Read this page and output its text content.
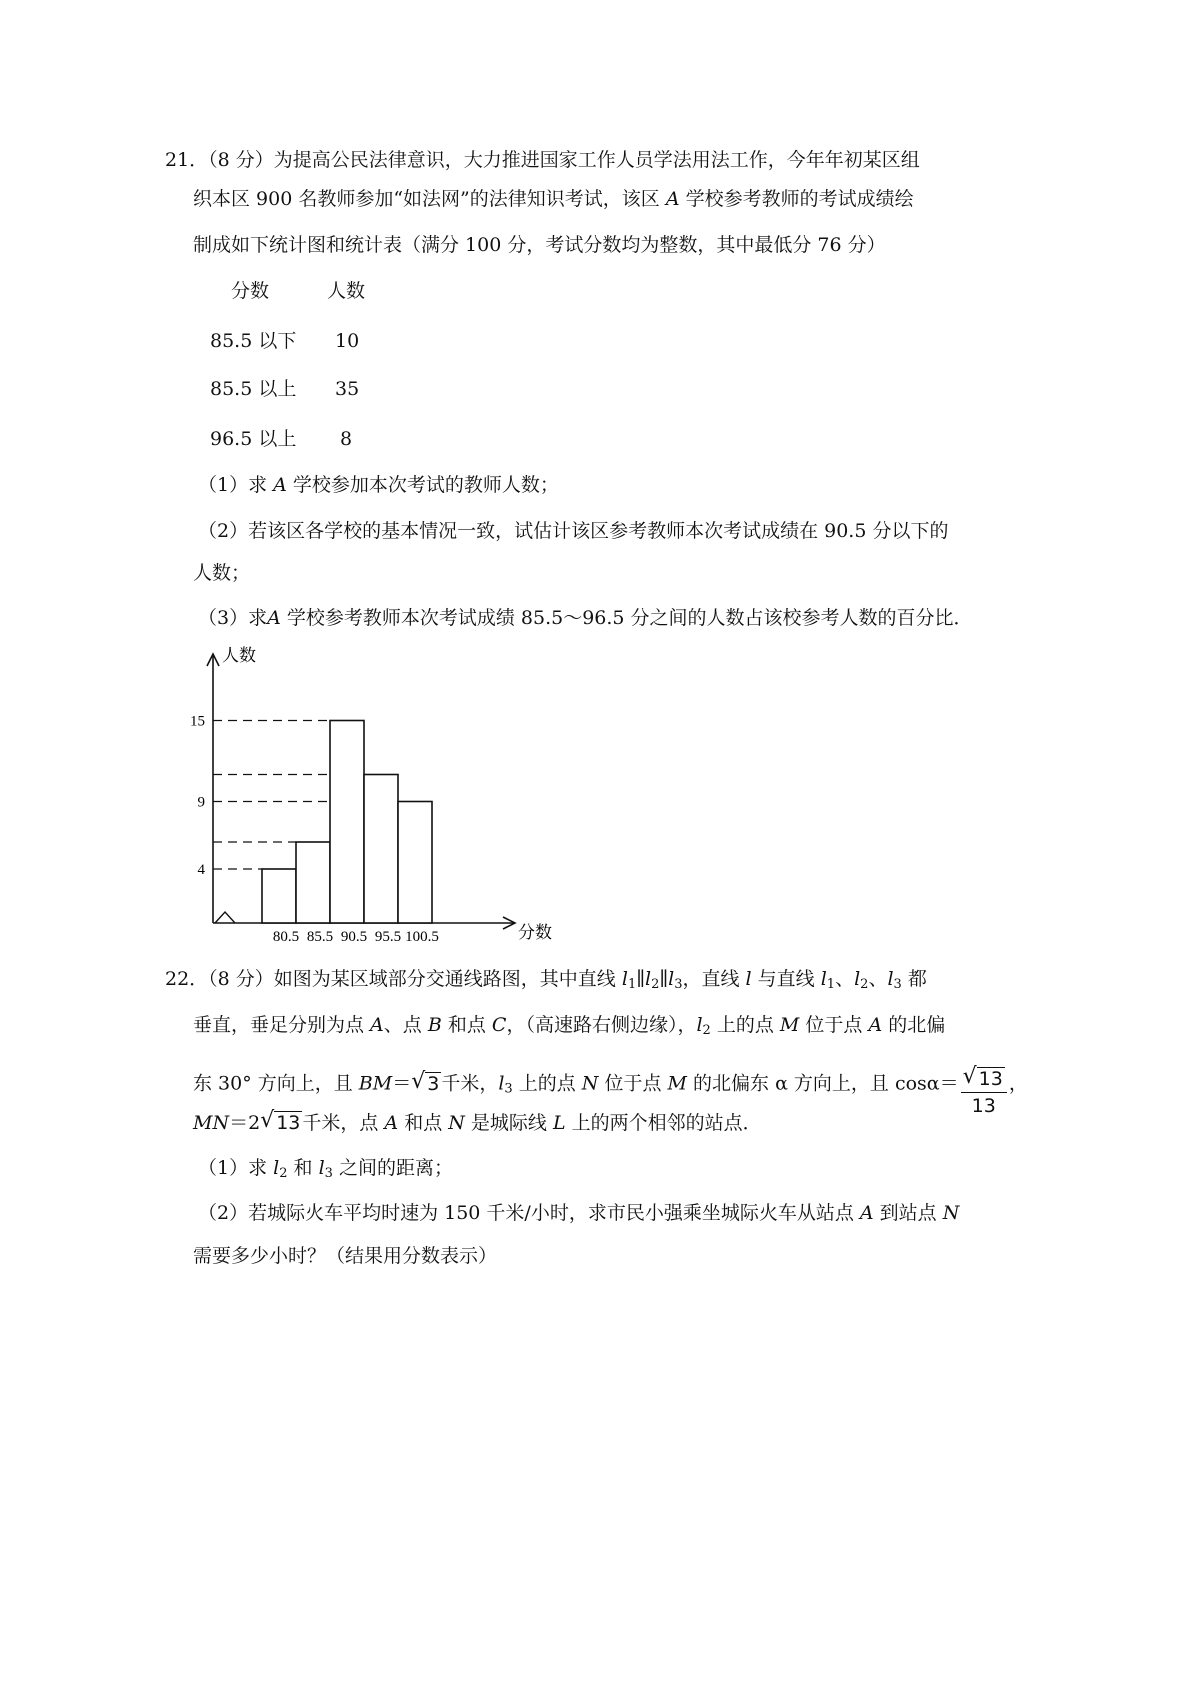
21．（8 分）为提高公民法律意识，大力推进国家工作人员学法用法工作，今年年初某区组
织本区 900 名教师参加“如法网”的法律知识考试，该区 A 学校参考教师的考试成绩绘
制成如下统计图和统计表（满分 100 分，考试分数均为整数，其中最低分 76 分）
分数	人数
85.5 以下 10
85.5 以上 35
96.5 以上 8
（1）求 A 学校参加本次考试的教师人数；
（2）若该区各学校的基本情况一致，试估计该区参考教师本次考试成绩在 90.5 分以下的
人数；
（3）求A 学校参考教师本次考试成绩 85.5～96.5 分之间的人数占该校参考人数的百分比．
80.5 85.5 90.5 95.5 100.5
4
9
15
人数
分数
22．（8 分）如图为某区域部分交通线路图，其中直线 $l_1\parallel l_2\parallel l_3$，直线 l 与直线 $l_1$、$l_2$、$l_3$ 都
垂直，垂足分别为点 A、点 B 和点 C，（高速路右侧边缘），$l_2$ 上的点 M 位于点 A 的北偏
东 30° 方向上，且 BM＝ √ 3 千米，$l_3$ 上的点 N 位于点 M 的北偏东 α 方向上，且 $\cos\alpha= \frac{√ 13}{13}$ ，
MN＝2 √ 13 千米，点 A 和点 N 是城际线 L 上的两个相邻的站点．
（1）求 $l_2$ 和 $l_3$ 之间的距离；
（2）若城际火车平均时速为 150 千米/小时，求市民小强乘坐城际火车从站点 A 到站点 N
需要多少小时？（结果用分数表示）
